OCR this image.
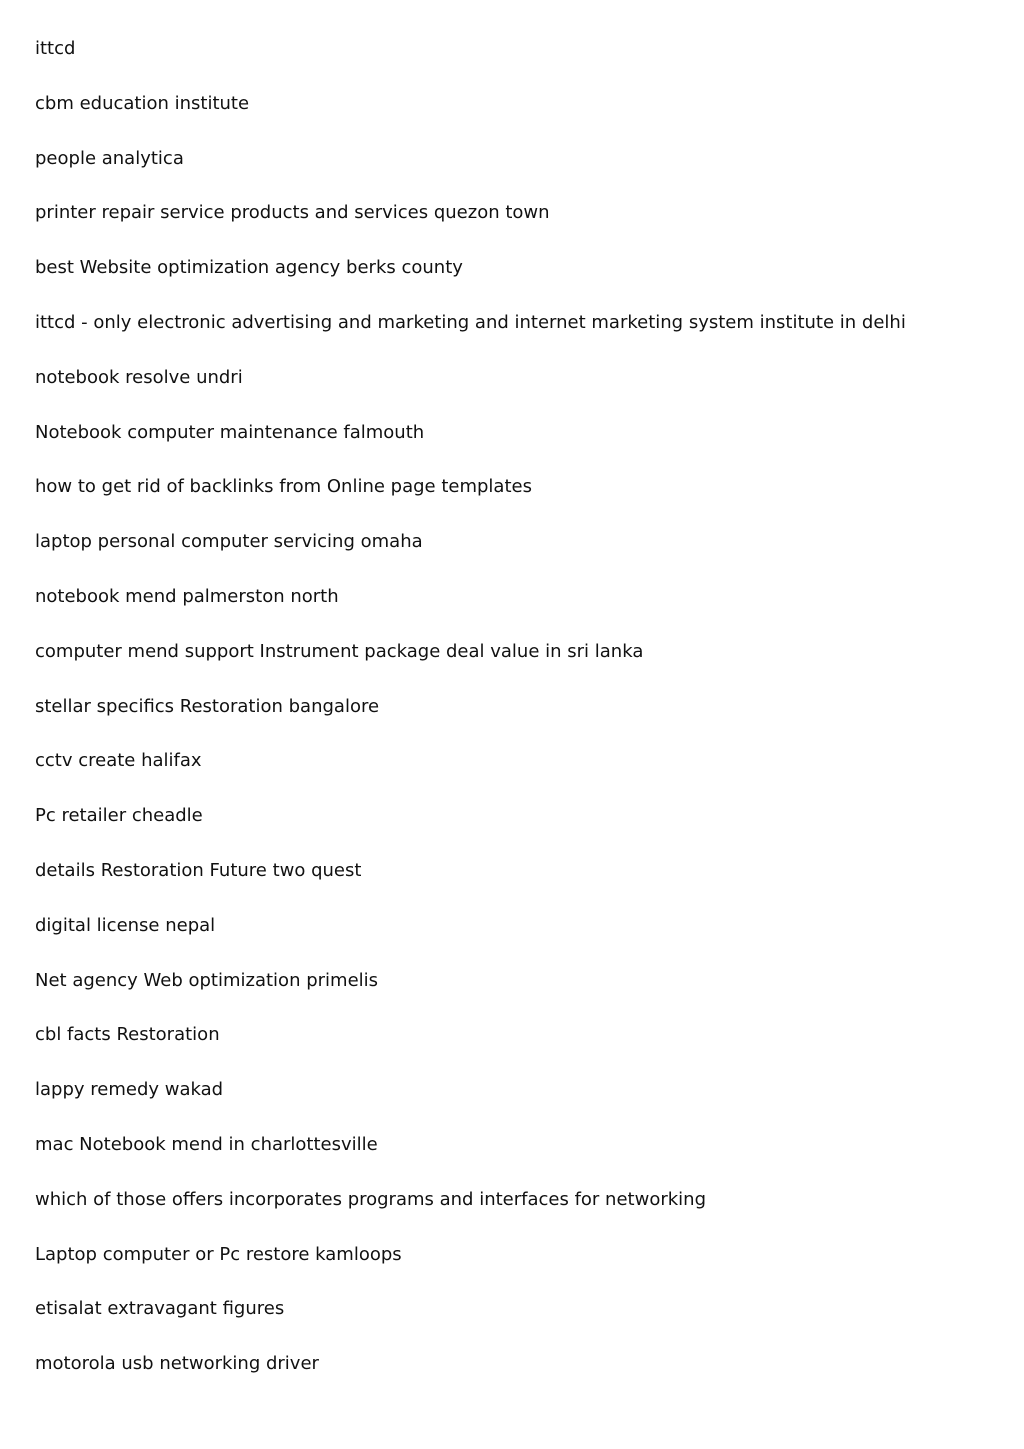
ittcd
cbm education institute
people analytica
printer repair service products and services quezon town
best Website optimization agency berks county
ittcd - only electronic advertising and marketing and internet marketing system institute in delhi
notebook resolve undri
Notebook computer maintenance falmouth
how to get rid of backlinks from Online page templates
laptop personal computer servicing omaha
notebook mend palmerston north
computer mend support Instrument package deal value in sri lanka
stellar specifics Restoration bangalore
cctv create halifax
Pc retailer cheadle
details Restoration Future two quest
digital license nepal
Net agency Web optimization primelis
cbl facts Restoration
lappy remedy wakad
mac Notebook mend in charlottesville
which of those offers incorporates programs and interfaces for networking
Laptop computer or Pc restore kamloops
etisalat extravagant figures
motorola usb networking driver
